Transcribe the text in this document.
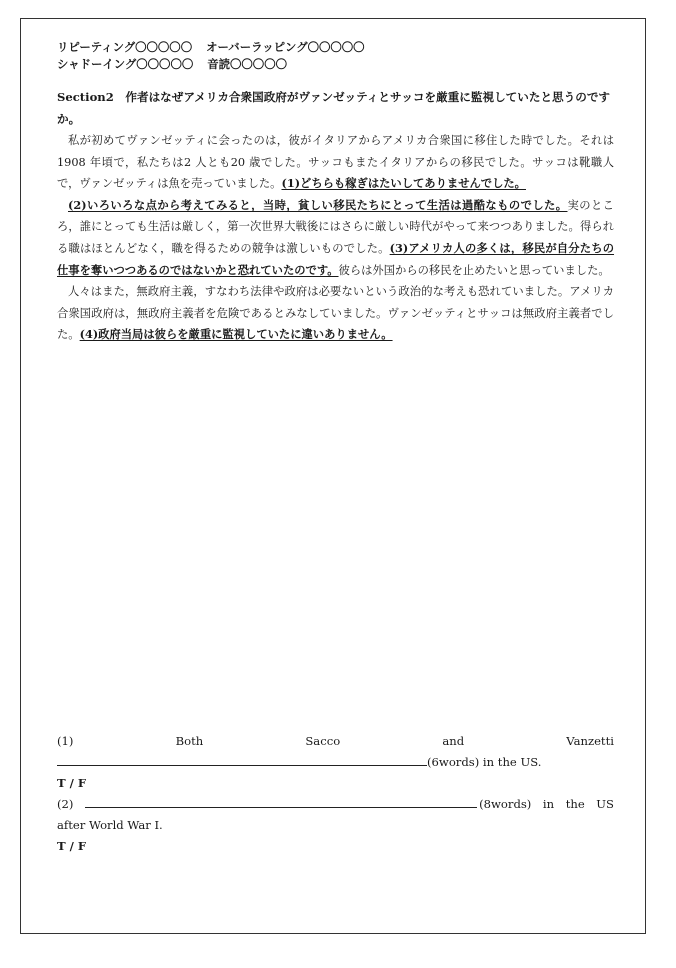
リピーティング〇〇〇〇〇 オーバーラッピング〇〇〇〇〇
シャドーイング〇〇〇〇〇 音読〇〇〇〇〇
Section2　作者はなぜアメリカ合衆国政府がヴァンゼッティとサッコを厳重に監視していたと思うのですか。

私が初めてヴァンゼッティに会ったのは，彼がイタリアからアメリカ合衆国に移住した時でした。それは1908 年頃で，私たちは2 人とも20 歳でした。サッコもまたイタリアからの移民でした。サッコは靴職人で，ヴァンゼッティは魚を売っていました。(1)どちらも稼ぎはたいしてありませんでした。

(2)いろいろな点から考えてみると，当時，貧しい移民たちにとって生活は過酷なものでした。実のところ，誰にとっても生活は厳しく，第一次世界大戦後にはさらに厳しい時代がやって来つつありました。得られる職はほとんどなく，職を得るための競争は激しいものでした。(3)アメリカ人の多くは，移民が自分たちの仕事を奪いつつあるのではないかと恐れていたのです。彼らは外国からの移民を止めたいと思っていました。

人々はまた，無政府主義，すなわち法律や政府は必要ないという政治的な考えも恐れていました。アメリカ合衆国政府は，無政府主義者を危険であるとみなしていました。ヴァンゼッティとサッコは無政府主義者でした。(4)政府当局は彼らを厳重に監視していたに違いありません。

(1)	Both	Sacco	and	Vanzetti
(6words) in the US.
T / F
(2)	(8words)　in　the　US
after World War I.
T / F
